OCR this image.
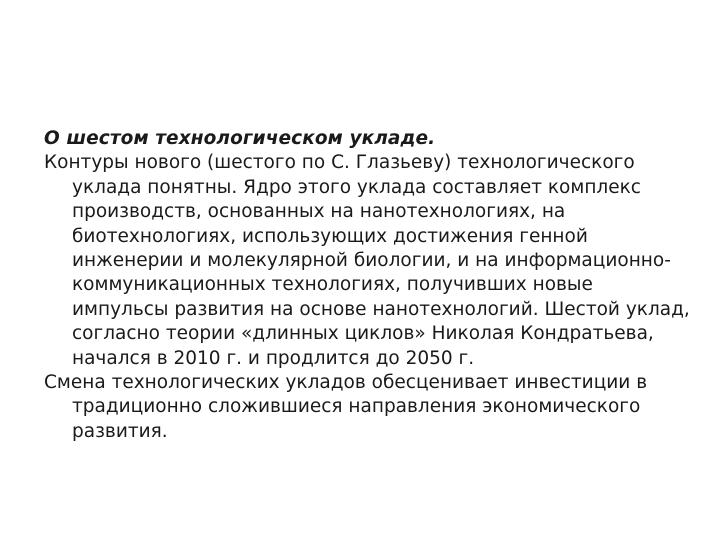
О шестом технологическом укладе.

Контуры нового (шестого по С. Глазьеву) технологического уклада понятны. Ядро этого уклада составляет комплекс производств, основанных на нанотехнологиях, на биотехнологиях, использующих достижения генной инженерии и молекулярной биологии, и на информационно-коммуникационных технологиях, получивших новые импульсы развития на основе нанотехнологий. Шестой уклад, согласно теории «длинных циклов» Николая Кондратьева, начался в 2010 г. и продлится до 2050 г.

Смена технологических укладов обесценивает инвестиции в традиционно сложившиеся направления экономического развития.
